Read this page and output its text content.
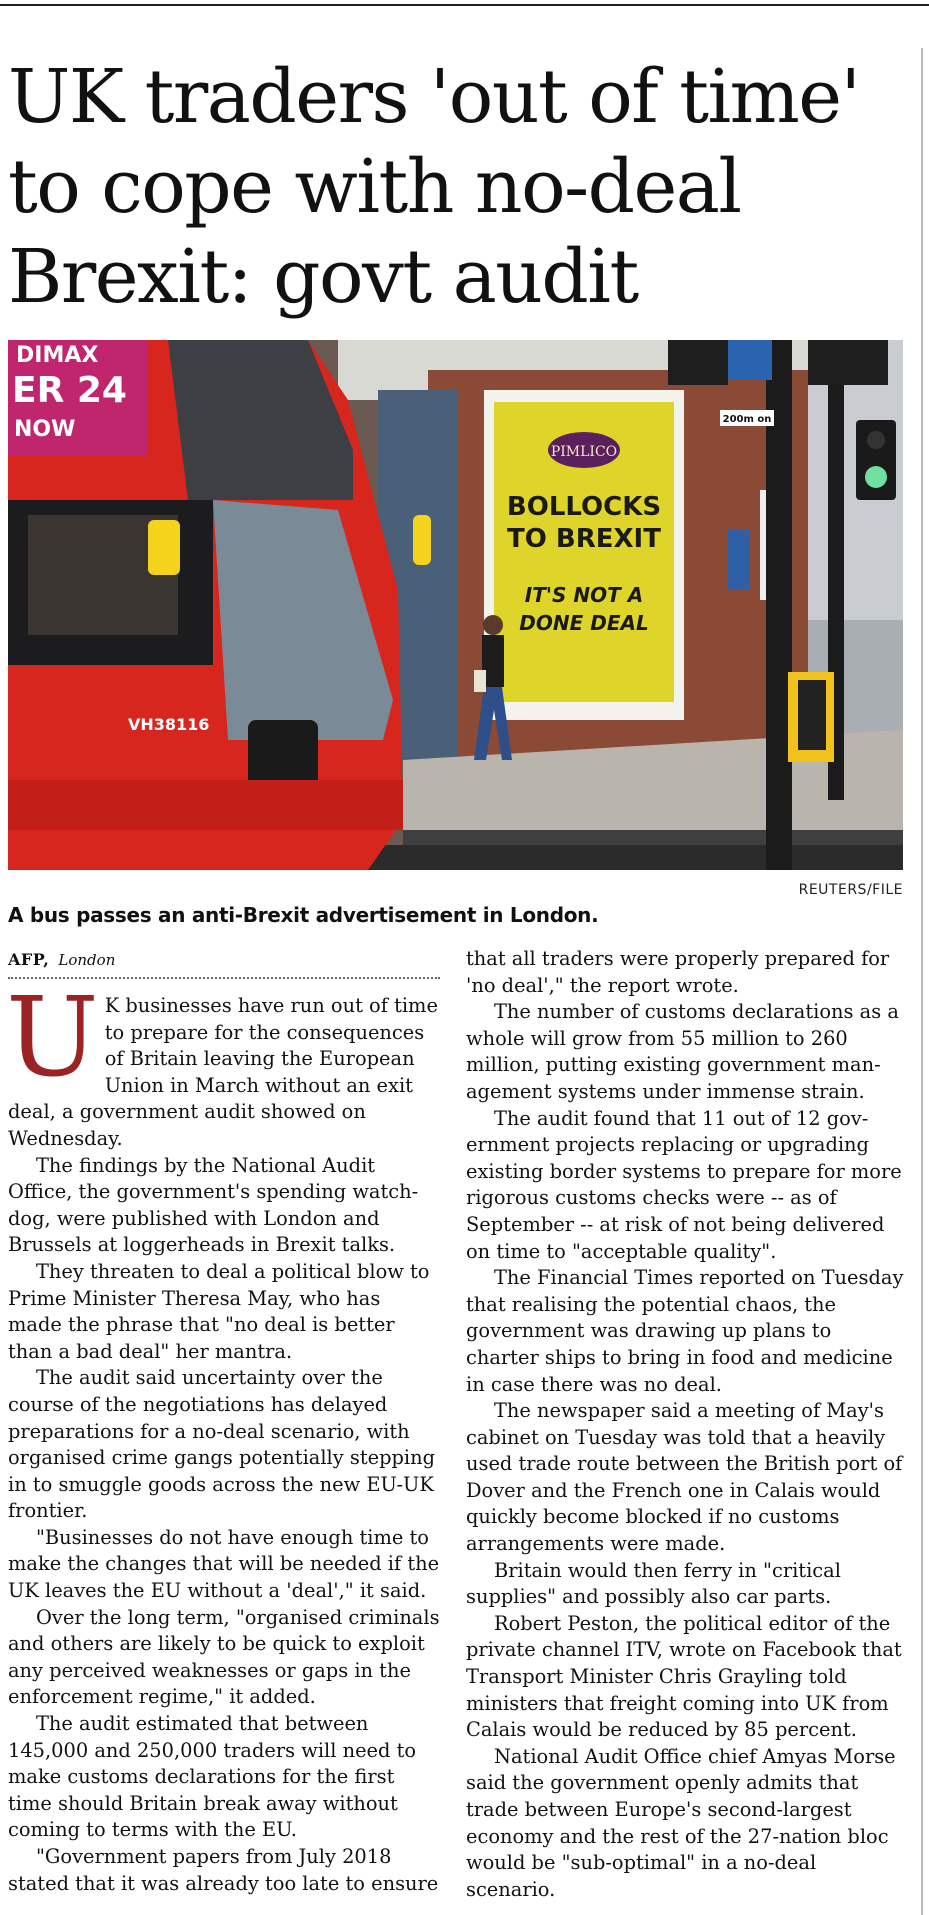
UK traders 'out of time' to cope with no-deal Brexit: govt audit
PIMLICO
BOLLOCKS
TO BREXIT
IT'S NOT A
DONE DEAL
200m on
DIMAX
ER 24
NOW
VH38116
REUTERS/FILE
A bus passes an anti-Brexit advertisement in London.
AFP, London

U K businesses have run out of time to prepare for the consequences of Britain leaving the European Union in March without an exit deal, a government audit showed on Wednesday.

The findings by the National Audit Office, the government's spending watchdog, were published with London and Brussels at loggerheads in Brexit talks.

They threaten to deal a political blow to Prime Minister Theresa May, who has made the phrase that "no deal is better than a bad deal" her mantra.

The audit said uncertainty over the course of the negotiations has delayed preparations for a no-deal scenario, with organised crime gangs potentially stepping in to smuggle goods across the new EU-UK frontier.

"Businesses do not have enough time to make the changes that will be needed if the UK leaves the EU without a 'deal'," it said.

Over the long term, "organised criminals and others are likely to be quick to exploit any perceived weaknesses or gaps in the enforcement regime," it added.

The audit estimated that between 145,000 and 250,000 traders will need to make customs declarations for the first time should Britain break away without coming to terms with the EU.

"Government papers from July 2018 stated that it was already too late to ensure

that all traders were properly prepared for 'no deal'," the report wrote.

The number of customs declarations as a whole will grow from 55 million to 260 million, putting existing government management systems under immense strain.

The audit found that 11 out of 12 government projects replacing or upgrading existing border systems to prepare for more rigorous customs checks were -- as of September -- at risk of not being delivered on time to "acceptable quality".

The Financial Times reported on Tuesday that realising the potential chaos, the government was drawing up plans to charter ships to bring in food and medicine in case there was no deal.

The newspaper said a meeting of May's cabinet on Tuesday was told that a heavily used trade route between the British port of Dover and the French one in Calais would quickly become blocked if no customs arrangements were made.

Britain would then ferry in "critical supplies" and possibly also car parts.

Robert Peston, the political editor of the private channel ITV, wrote on Facebook that Transport Minister Chris Grayling told ministers that freight coming into UK from Calais would be reduced by 85 percent.

National Audit Office chief Amyas Morse said the government openly admits that trade between Europe's second-largest economy and the rest of the 27-nation bloc would be "sub-optimal" in a no-deal scenario.
